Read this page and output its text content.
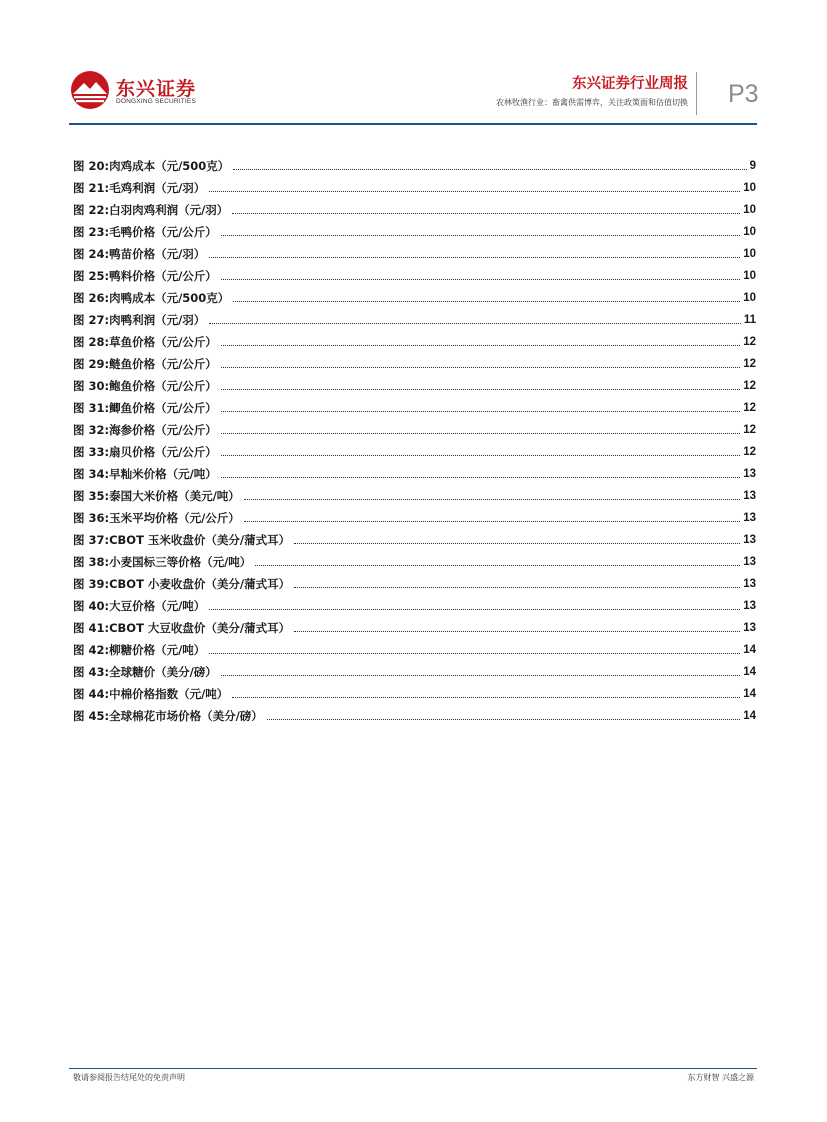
东兴证券
DONGXING SECURITIES
东兴证券行业周报
农林牧渔行业：畜禽供需博弈，关注政策面和估值切换 P3
图 20:肉鸡成本（元/500克）	9
图 21:毛鸡利润（元/羽）	10
图 22:白羽肉鸡利润（元/羽）	10
图 23:毛鸭价格（元/公斤）	10
图 24:鸭苗价格（元/羽）	10
图 25:鸭料价格（元/公斤）	10
图 26:肉鸭成本（元/500克）	10
图 27:肉鸭利润（元/羽）	11
图 28:草鱼价格（元/公斤）	12
图 29:鲢鱼价格（元/公斤）	12
图 30:鲍鱼价格（元/公斤）	12
图 31:鲫鱼价格（元/公斤）	12
图 32:海参价格（元/公斤）	12
图 33:扇贝价格（元/公斤）	12
图 34:早籼米价格（元/吨）	13
图 35:泰国大米价格（美元/吨）	13
图 36:玉米平均价格（元/公斤）	13
图 37:CBOT 玉米收盘价（美分/蒲式耳）	13
图 38:小麦国标三等价格（元/吨）	13
图 39:CBOT 小麦收盘价（美分/蒲式耳）	13
图 40:大豆价格（元/吨）	13
图 41:CBOT 大豆收盘价（美分/蒲式耳）	13
图 42:柳糖价格（元/吨）	14
图 43:全球糖价（美分/磅）	14
图 44:中棉价格指数（元/吨）	14
图 45:全球棉花市场价格（美分/磅）	14
敬请参阅报告结尾处的免责声明	东方财智 兴盛之源
